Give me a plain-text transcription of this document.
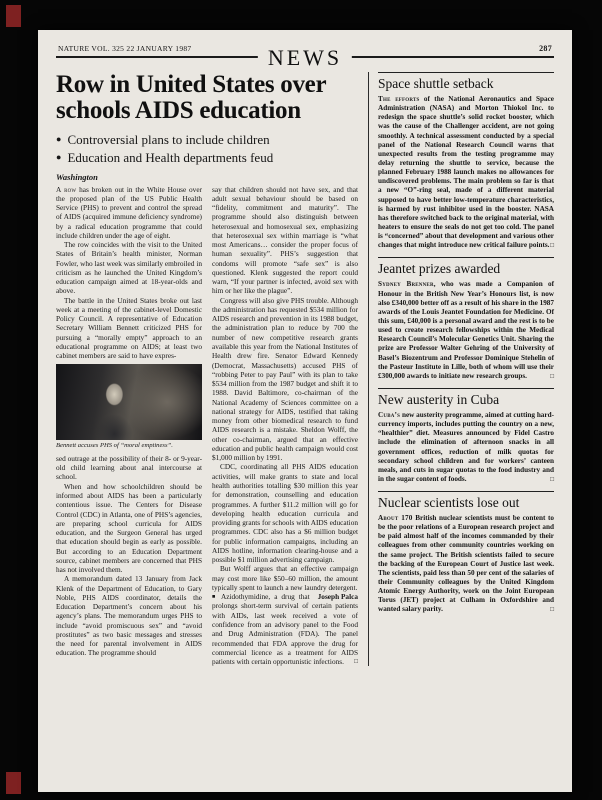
NATURE VOL. 325 22 JANUARY 1987	287
NEWS
Row in United States over
schools AIDS education
● Controversial plans to include children
● Education and Health departments feud
Washington

A row has broken out in the White House over the proposed plan of the US Public Health Service (PHS) to prevent and control the spread of AIDS (acquired immune deficiency syndrome) by a radical education programme that could include children under the age of eight.

The row coincides with the visit to the United States of Britain’s health minister, Norman Fowler, who last week was similarly embroiled in criticism as he launched the United Kingdom’s education campaign aimed at 18-year-olds and above.

The battle in the United States broke out last week at a meeting of the cabinet-level Domestic Policy Council. A representative of Education Secretary William Bennett criticized PHS for pursuing a “morally empty” approach to an educational programme on AIDS; at least two cabinet members are said to have expres-

Bennett accuses PHS of “moral emptiness”.

sed outrage at the possibility of their 8- or 9-year-old child learning about anal intercourse at school.

When and how schoolchildren should be informed about AIDS has been a particularly contentious issue. The Centers for Disease Control (CDC) in Atlanta, one of PHS’s agencies, are preparing school curricula for AIDS education, and the Surgeon General has urged that education should begin as early as possible. But according to an Education Department source, cabinet members are concerned that PHS has not involved them.

A memorandum dated 13 January from Jack Klenk of the Department of Education, to Gary Noble, PHS AIDS coordinator, details the Education Department’s concern about his agency’s plans. The memorandum urges PHS to include “avoid promiscuous sex” and “avoid prostitutes” as two basic messages and stresses the need for parental involvement in AIDS education. The programme should

say that children should not have sex, and that adult sexual behaviour should be based on “fidelity, commitment and maturity”. The programme should also distinguish between heterosexual and homosexual sex, emphasizing that heterosexual sex within marriage is “what most Americans… consider the proper focus of human sexuality”. PHS’s suggestion that condoms will promote “safe sex” is also questioned. Klenk suggested the report could warn, “If your partner is infected, avoid sex with him or her like the plague”.

Congress will also give PHS trouble. Although the administration has requested $534 million for AIDS research and prevention in its 1988 budget, the administration plan to reduce by 700 the number of new competitive research grants available this year from the National Institutes of Health drew fire. Senator Edward Kennedy (Democrat, Massachusetts) accused PHS of “robbing Peter to pay Paul” with its plan to take $534 million from the 1987 budget and shift it to 1988. David Baltimore, co-chairman of the National Academy of Sciences committee on a national strategy for AIDS, testified that taking money from other biomedical research to fund AIDS research is a mistake. Sheldon Wolff, the other co-chairman, argued that an effective education and public health campaign would cost $1,000 million by 1991.

CDC, coordinating all PHS AIDS education activities, will make grants to state and local health authorities totalling $30 million this year for demonstration, counselling and education programmes. A further $11.2 million will go for developing health education curricula and providing grants for schools with AIDS education programmes. CDC also has a $6 million budget for public information campaigns, including an AIDS hotline, information clearing-house and a possible $1 million advertising campaign.

But Wolff argues that an effective campaign may cost more like $50–60 million, the amount typically spent to launch a new laundry detergent.
Joseph Palca

■ Azidothymidine, a drug that prolongs short-term survival of certain patients with AIDs, last week received a vote of confidence from an advisory panel to the Food and Drug Administration (FDA). The panel recommended that FDA approve the drug for commercial licence as a treatment for AIDS patients with certain opportunistic infections. □

Space shuttle setback

The efforts of the National Aeronautics and Space Administration (NASA) and Morton Thiokol Inc. to redesign the space shuttle’s solid rocket booster, which was the cause of the Challenger accident, are not going smoothly. A technical assessment conducted by a special panel of the National Research Council warns that unexpected results from the testing programme may delay returning the shuttle to service, because the planned February 1988 launch makes no allowances for undiscovered problems. The main problem so far is that a new “O”-ring seal, made of a different material supposed to have better low-temperature characteristics, is harmed by rust inhibitor used in the booster. NASA has therefore switched back to the original material, with heaters to ensure the seals do not get too cold. The panel is “concerned” about that development and various other changes that might introduce new critical failure points. □

Jeantet prizes awarded

Sydney Brenner, who was made a Companion of Honour in the British New Year’s Honours list, is now also £340,000 better off as a result of his share in the 1987 awards of the Louis Jeantet Foundation for Medicine. Of this sum, £40,000 is a personal award and the rest is to be used to create research fellowships within the Medical Research Council’s Molecular Genetics Unit. Sharing the prize are Professor Walter Gehring of the University of Basel’s Biozentrum and Professor Dominique Stehelin of the Pasteur Institute in Lille, both of whom will use their £300,000 awards to initiate new research groups.	□

New austerity in Cuba

Cuba’s new austerity programme, aimed at cutting hard-currency imports, includes putting the country on a new, “healthier” diet. Measures announced by Fidel Castro include the elimination of afternoon snacks in all government offices, reduction of milk quotas for secondary school children and for workers’ canteen meals, and cuts in sugar quotas to the food industry and in the sugar content of foods.	□

Nuclear scientists lose out

About 170 British nuclear scientists must be content to be the poor relations of a European research project and be paid almost half of the incomes commanded by their colleagues from other community countries working on the same project. The British scientists failed to secure the backing of the European Court of Justice last week. The scientists, paid less than 50 per cent of the salaries of their Community colleagues by the United Kingdom Atomic Energy Authority, work on the Joint European Torus (JET) project at Culham in Oxfordshire and wanted salary parity.	□
